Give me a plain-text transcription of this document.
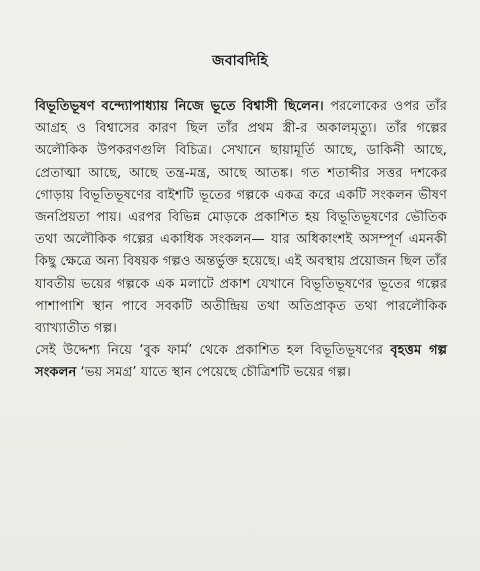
জবাবদিহি

বিভূতিভূষণ বন্দ্যোপাধ্যায় নিজে ভূতে বিশ্বাসী ছিলেন। পরলোকের ওপর তাঁর আগ্রহ ও বিশ্বাসের কারণ ছিল তাঁর প্রথম স্ত্রী-র অকালমৃত্যু। তাঁর গল্পের অলৌকিক উপকরণগুলি বিচিত্র। সেখানে ছায়ামূর্তি আছে, ডাকিনী আছে, প্রেতাত্মা আছে, আছে তন্ত্র-মন্ত্র, আছে আতঙ্ক। গত শতাব্দীর সত্তর দশকের গোড়ায় বিভূতিভূষণের বাইশটি ভূতের গল্পকে একত্র করে একটি সংকলন ভীষণ জনপ্রিয়তা পায়। এরপর বিভিন্ন মোড়কে প্রকাশিত হয় বিভূতিভূষণের ভৌতিক তথা অলৌকিক গল্পের একাধিক সংকলন— যার অধিকাংশই অসম্পূর্ণ এমনকী কিছু ক্ষেত্রে অন্য বিষয়ক গল্পও অন্তর্ভুক্ত হয়েছে। এই অবস্থায় প্রয়োজন ছিল তাঁর যাবতীয় ভয়ের গল্পকে এক মলাটে প্রকাশ যেখানে বিভূতিভূষণের ভূতের গল্পের পাশাপাশি স্থান পাবে সবকটি অতীন্দ্রিয় তথা অতিপ্রাকৃত তথা পারলৌকিক ব্যাখ্যাতীত গল্প।

সেই উদ্দেশ্য নিয়ে ‘বুক ফার্ম’ থেকে প্রকাশিত হল বিভূতিভূষণের বৃহত্তম গল্প সংকলন ‘ভয় সমগ্র’ যাতে স্থান পেয়েছে চৌত্রিশটি ভয়ের গল্প।
